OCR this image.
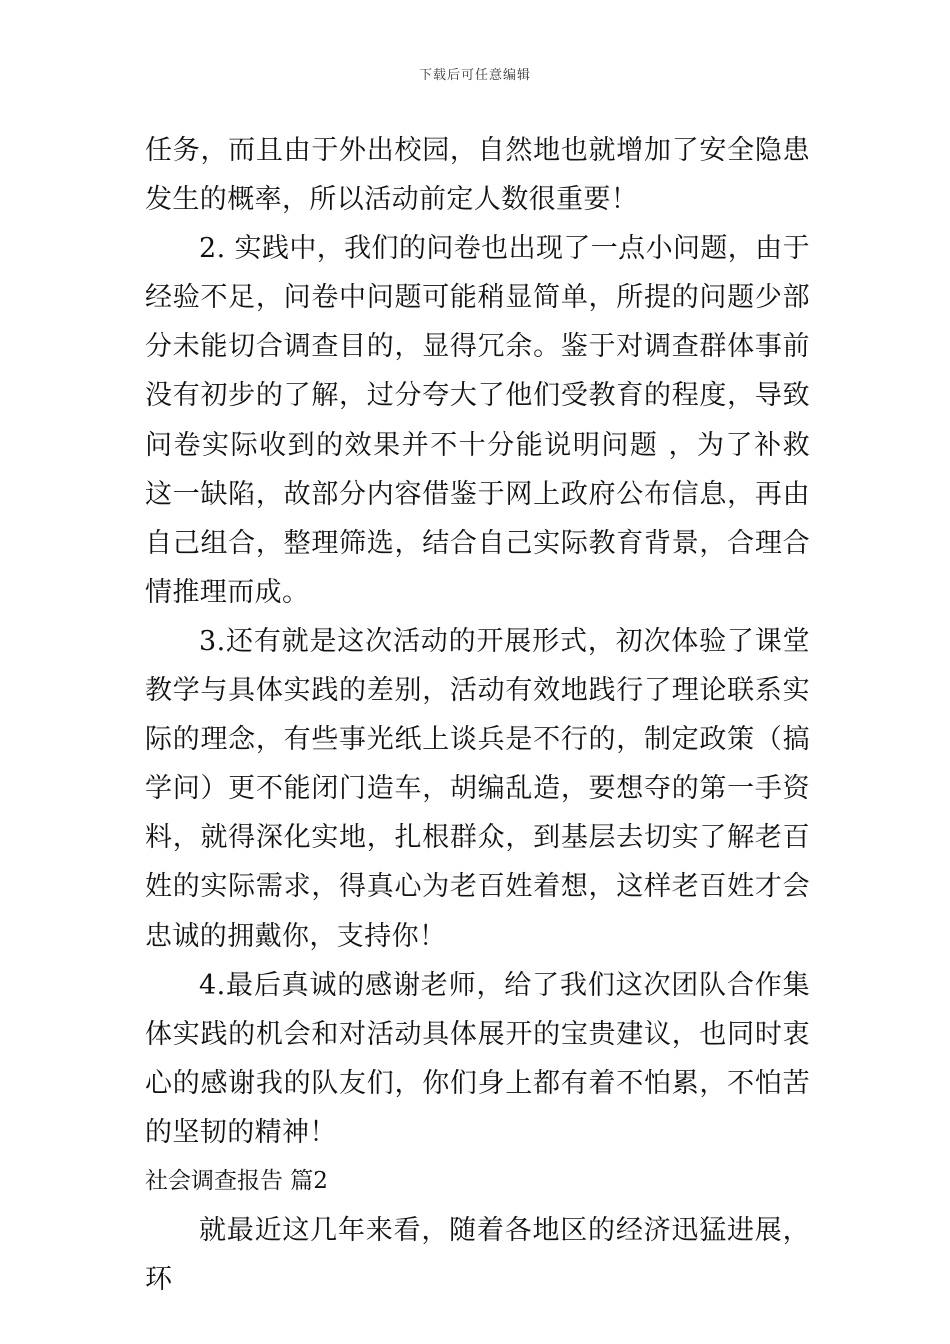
下载后可任意编辑

任务，而且由于外出校园，自然地也就增加了安全隐患发生的概率，所以活动前定人数很重要！

2. 实践中，我们的问卷也出现了一点小问题，由于经验不足，问卷中问题可能稍显简单，所提的问题少部分未能切合调查目的，显得冗余。鉴于对调查群体事前没有初步的了解，过分夸大了他们受教育的程度，导致问卷实际收到的效果并不十分能说明问题 ，为了补救这一缺陷，故部分内容借鉴于网上政府公布信息，再由自己组合，整理筛选，结合自己实际教育背景，合理合情推理而成。

3.还有就是这次活动的开展形式，初次体验了课堂教学与具体实践的差别，活动有效地践行了理论联系实际的理念，有些事光纸上谈兵是不行的，制定政策（搞学问）更不能闭门造车，胡编乱造，要想夺的第一手资料，就得深化实地，扎根群众，到基层去切实了解老百姓的实际需求，得真心为老百姓着想，这样老百姓才会忠诚的拥戴你，支持你！

4.最后真诚的感谢老师，给了我们这次团队合作集体实践的机会和对活动具体展开的宝贵建议，也同时衷心的感谢我的队友们，你们身上都有着不怕累，不怕苦的坚韧的精神！

社会调查报告 篇2

就最近这几年来看，随着各地区的经济迅猛进展，环
